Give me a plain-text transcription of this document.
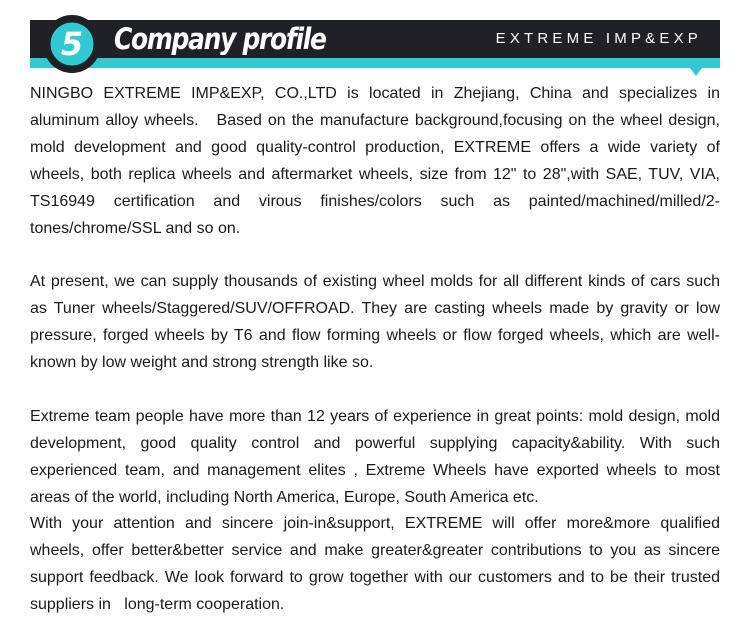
5 Company profile	EXTREME IMP&EXP

NINGBO EXTREME IMP&EXP, CO.,LTD is located in Zhejiang, China and specializes in aluminum alloy wheels.   Based on the manufacture background,focusing on the wheel design, mold development and good quality-control production, EXTREME offers a wide variety of wheels, both replica wheels and aftermarket wheels, size from 12" to 28",with SAE, TUV, VIA, TS16949 certification and virous finishes/colors such as painted/machined/milled/2-tones/chrome/SSL and so on.

At present, we can supply thousands of existing wheel molds for all different kinds of cars such as Tuner wheels/Staggered/SUV/OFFROAD. They are casting wheels made by gravity or low pressure, forged wheels by T6 and flow forming wheels or flow forged wheels, which are well-known by low weight and strong strength like so.

Extreme team people have more than 12 years of experience in great points: mold design, mold development, good quality control and powerful supplying capacity&ability. With such experienced team, and management elites , Extreme Wheels have exported wheels to most areas of the world, including North America, Europe, South America etc.

With your attention and sincere join-in&support, EXTREME will offer more&more qualified wheels, offer better&better service and make greater&greater contributions to you as sincere support feedback. We look forward to grow together with our customers and to be their trusted suppliers in   long-term cooperation.
